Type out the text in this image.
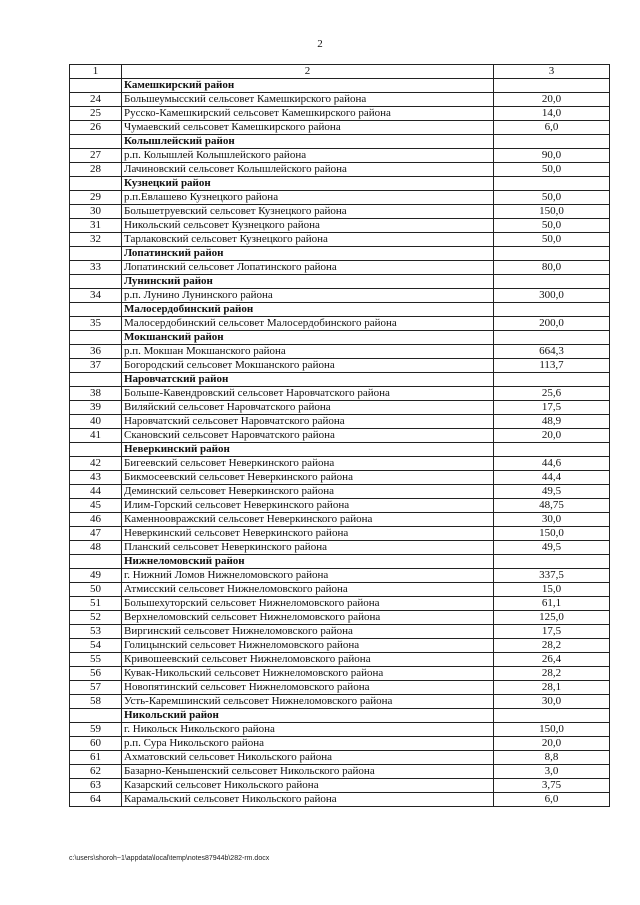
2
1	2	3
	Камешкирский район	
24	Большеумысский сельсовет Камешкирского района	20,0
25	Русско-Камешкирский сельсовет Камешкирского района	14,0
26	Чумаевский сельсовет Камешкирского района	6,0
	Колышлейский район	
27	р.п. Колышлей Колышлейского района	90,0
28	Лачиновский сельсовет Колышлейского района	50,0
	Кузнецкий район	
29	р.п.Евлашево Кузнецкого района	50,0
30	Большетруевский сельсовет Кузнецкого района	150,0
31	Никольский сельсовет Кузнецкого района	50,0
32	Тарлаковский сельсовет Кузнецкого района	50,0
	Лопатинский район	
33	Лопатинский сельсовет Лопатинского района	80,0
	Лунинский район	
34	р.п. Лунино Лунинского района	300,0
	Малосердобинский район	
35	Малосердобинский сельсовет Малосердобинского района	200,0
	Мокшанский район	
36	р.п. Мокшан Мокшанского района	664,3
37	Богородский сельсовет Мокшанского района	113,7
	Наровчатский район	
38	Больше-Кавендровский сельсовет Наровчатского района	25,6
39	Виляйский сельсовет Наровчатского района	17,5
40	Наровчатский сельсовет Наровчатского района	48,9
41	Скановский сельсовет Наровчатского района	20,0
	Неверкинский район	
42	Бигеевский сельсовет Неверкинского района	44,6
43	Бикмосеевский сельсовет Неверкинского района	44,4
44	Деминский сельсовет Неверкинского района	49,5
45	Илим-Горский сельсовет Неверкинского района	48,75
46	Каменноовражский сельсовет Неверкинского района	30,0
47	Неверкинский сельсовет Неверкинского района	150,0
48	Планский сельсовет Неверкинского района	49,5
	Нижнеломовский район	
49	г. Нижний Ломов Нижнеломовского района	337,5
50	Атмисский сельсовет Нижнеломовского района	15,0
51	Большехуторский сельсовет Нижнеломовского района	61,1
52	Верхнеломовский сельсовет Нижнеломовского района	125,0
53	Виргинский сельсовет Нижнеломовского района	17,5
54	Голицынский сельсовет Нижнеломовского района	28,2
55	Кривошеевский сельсовет Нижнеломовского района	26,4
56	Кувак-Никольский сельсовет Нижнеломовского района	28,2
57	Новопятинский сельсовет Нижнеломовского района	28,1
58	Усть-Каремшинский сельсовет Нижнеломовского района	30,0
	Никольский район	
59	г. Никольск Никольского района	150,0
60	р.п. Сура Никольского района	20,0
61	Ахматовский сельсовет Никольского района	8,8
62	Базарно-Кеньшенский сельсовет Никольского района	3,0
63	Казарский сельсовет Никольского района	3,75
64	Карамальский сельсовет Никольского района	6,0
c:\users\shoroh~1\appdata\local\temp\notes87944b\282-rm.docx
